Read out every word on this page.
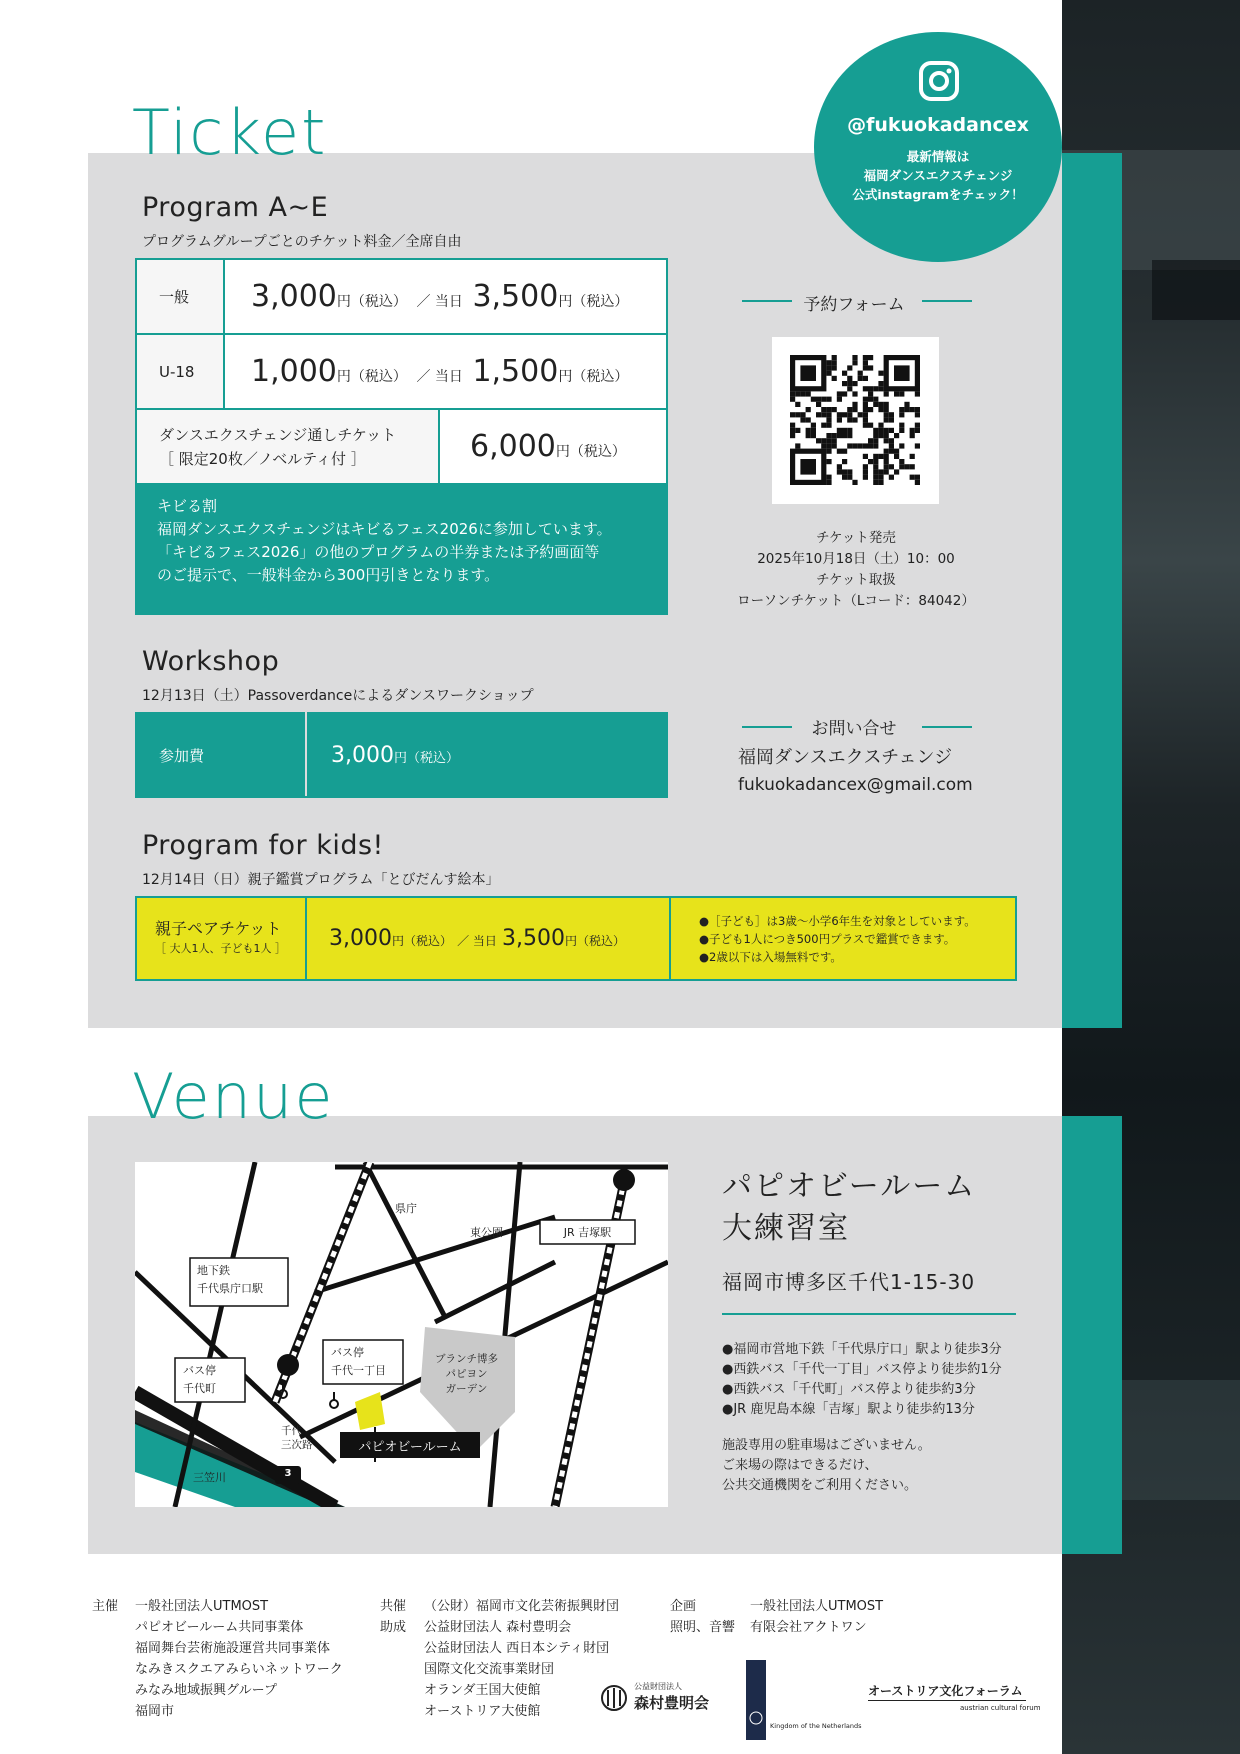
Ticket
Program A~E
プログラムグループごとのチケット料金／全席自由
一般	3,000円（税込） ／ 当日 3,500円（税込）	
U-18	1,000円（税込） ／ 当日 1,500円（税込）	

ダンスエクスチェンジ通しチケット
［ 限定20枚／ノベルティ付 ］		6,000円（税込）
キビる割
福岡ダンスエクスチェンジはキビるフェス2026に参加しています。
「キビるフェス2026」の他のプログラムの半券または予約画面等
のご提示で、一般料金から300円引きとなります。
Workshop
12月13日（土）Passoverdanceによるダンスワークショップ
参加費	3,000円（税込）
Program for kids!
12月14日（日）親子鑑賞プログラム「とびだんす絵本」
親子ペアチケット
［ 大人1人、子ども1人 ］	3,000円（税込） ／ 当日 3,500円（税込）	
●［子ども］は3歳～小学6年生を対象としています。
●子ども1人につき500円プラスで鑑賞できます。
●2歳以下は入場無料です。
@fukuokadancex
最新情報は
福岡ダンスエクスチェンジ
公式instagramをチェック！
予約フォーム
チケット発売
2025年10月18日（土）10：00
チケット取扱
ローソンチケット（Lコード：84042）
お問い合せ
福岡ダンスエクスチェンジ
fukuokadancex@gmail.com
Venue
県庁
東公園	JR 吉塚駅
地下鉄
千代県庁口駅
バス停
千代一丁目
バス停
千代町
ブランチ博多
パピヨン
ガーデン
千代
三次路
三笠川	3
パピオビールーム
パピオビールーム
大練習室
福岡市博多区千代1-15-30
●福岡市営地下鉄「千代県庁口」駅より徒歩3分
●西鉄バス「千代一丁目」バス停より徒歩約1分
●西鉄バス「千代町」バス停より徒歩約3分
●JR 鹿児島本線「吉塚」駅より徒歩約13分
施設専用の駐車場はございません。
ご来場の際はできるだけ、
公共交通機関をご利用ください。
主催 一般社団法人UTMOST
パピオビールーム共同事業体
福岡舞台芸術施設運営共同事業体
なみきスクエアみらいネットワーク
みなみ地域振興グループ
福岡市
共催 （公財）福岡市文化芸術振興財団
助成 公益財団法人 森村豊明会
公益財団法人 西日本シティ財団
国際文化交流事業財団
オランダ王国大使館
オーストリア大使館
企画	一般社団法人UTMOST
照明、音響 有限会社アクトワン
公益財団法人
森村豊明会
Kingdom of the Netherlands
オーストリア文化フォーラム
austrian cultural forum
